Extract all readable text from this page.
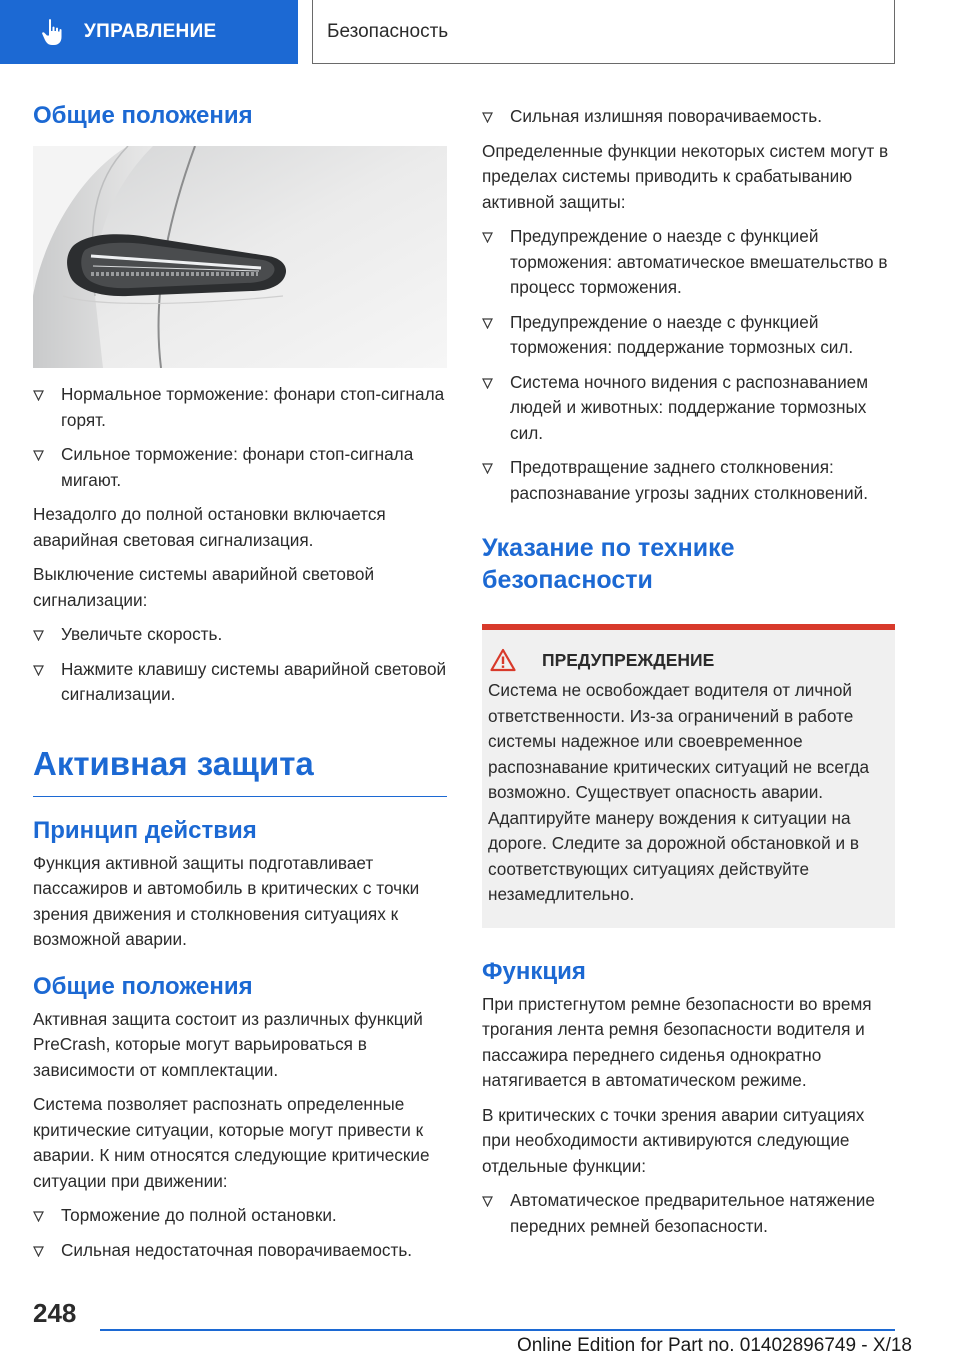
УПРАВЛЕНИЕ	Безопасность
Общие положения
Нормальное торможение: фонари стоп-сигнала горят.
Сильное торможение: фонари стоп-сигнала мигают.

Незадолго до полной остановки включается аварийная световая сигнализация.

Выключение системы аварийной световой сигнализации:

Увеличьте скорость.
Нажмите клавишу системы аварийной световой сигнализации.
Активная защита
Принцип действия

Функция активной защиты подготавливает пассажиров и автомобиль в критических с точки зрения движения и столкновения ситуациях к возможной аварии.

Общие положения

Активная защита состоит из различных функций PreCrash, которые могут варьироваться в зависимости от комплектации.

Система позволяет распознать определенные критические ситуации, которые могут привести к аварии. К ним относятся следующие критические ситуации при движении:

Торможение до полной остановки.
Сильная недостаточная поворачиваемость.
Сильная излишняя поворачиваемость.

Определенные функции некоторых систем могут в пределах системы приводить к срабатыванию активной защиты:

Предупреждение о наезде с функцией торможения: автоматическое вмешательство в процесс торможения.
Предупреждение о наезде с функцией торможения: поддержание тормозных сил.
Система ночного видения с распознаванием людей и животных: поддержание тормозных сил.
Предотвращение заднего столкновения: распознавание угрозы задних столкновений.
Указание по технике безопасности
ПРЕДУПРЕЖДЕНИЕ

Система не освобождает водителя от личной ответственности. Из-за ограничений в работе системы надежное или своевременное распознавание критических ситуаций не всегда возможно. Существует опасность аварии. Адаптируйте манеру вождения к ситуации на дороге. Следите за дорожной обстановкой и в соответствующих ситуациях действуйте незамедлительно.

Функция

При пристегнутом ремне безопасности во время трогания лента ремня безопасности водителя и пассажира переднего сиденья однократно натягивается в автоматическом режиме.

В критических с точки зрения аварии ситуациях при необходимости активируются следующие отдельные функции:

Автоматическое предварительное натяжение передних ремней безопасности.
248
Online Edition for Part no. 01402896749 - X/18
